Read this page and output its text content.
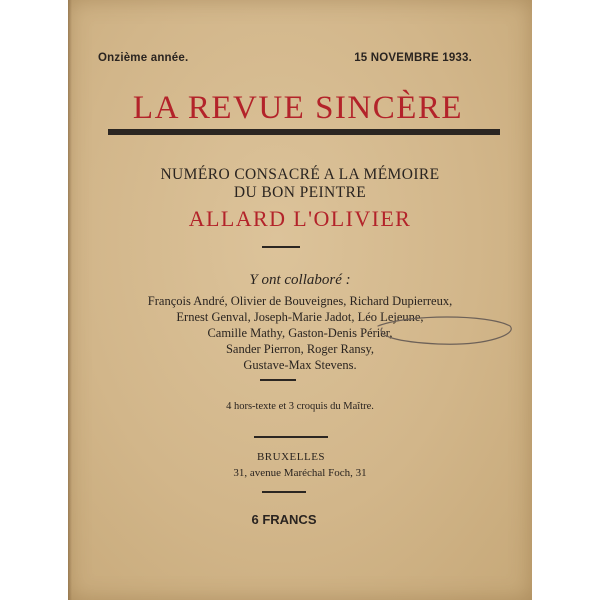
Onzième année.	15 NOVEMBRE 1933.
LA REVUE SINCÈRE
NUMÉRO CONSACRÉ A LA MÉMOIRE
DU BON PEINTRE
ALLARD L'OLIVIER
Y ont collaboré :
François André, Olivier de Bouveignes, Richard Dupierreux,
Ernest Genval, Joseph-Marie Jadot, Léo Lejeune,
Camille Mathy, Gaston-Denis Périer,
Sander Pierron, Roger Ransy,
Gustave-Max Stevens.
4 hors-texte et 3 croquis du Maître.
BRUXELLES
31, avenue Maréchal Foch, 31
6 FRANCS
